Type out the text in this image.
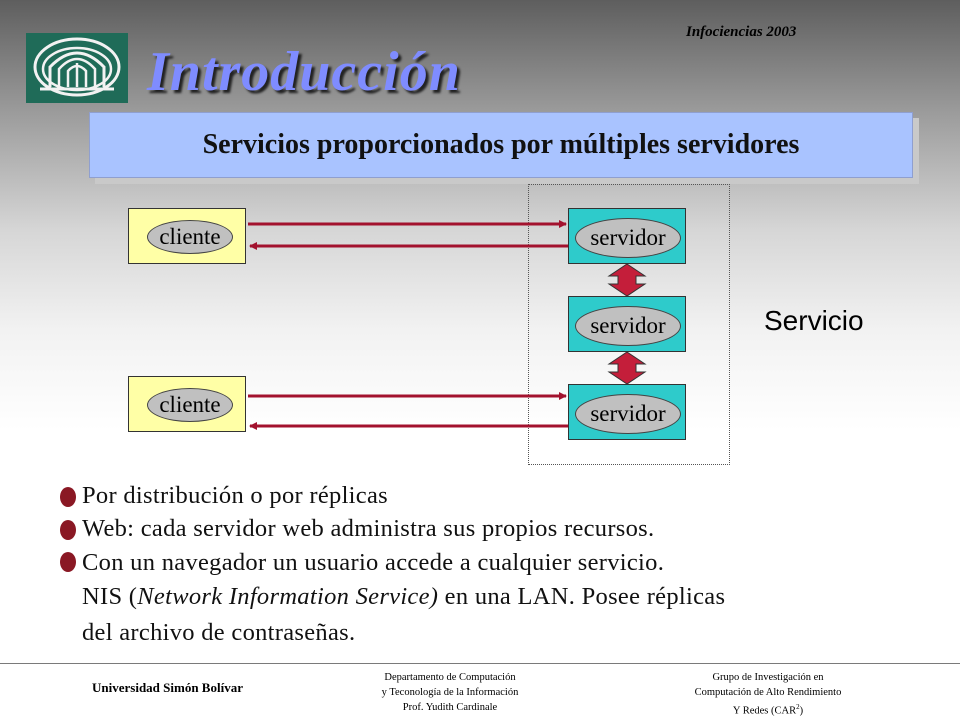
Introducción
Infociencias 2003
Servicios proporcionados por múltiples servidores
cliente
cliente
servidor
servidor
servidor
Servicio
Por distribución o por réplicas
Web: cada servidor web administra sus propios recursos.
Con un navegador un usuario accede a cualquier servicio.
NIS (Network Information Service) en una LAN. Posee réplicas
del archivo de contraseñas.
Universidad Simón Bolívar
Departamento de Computación
y Teconología de la Información
Prof. Yudith Cardinale
Grupo de Investigación en
Computación de Alto Rendimiento
Y Redes (CAR$^2$)
